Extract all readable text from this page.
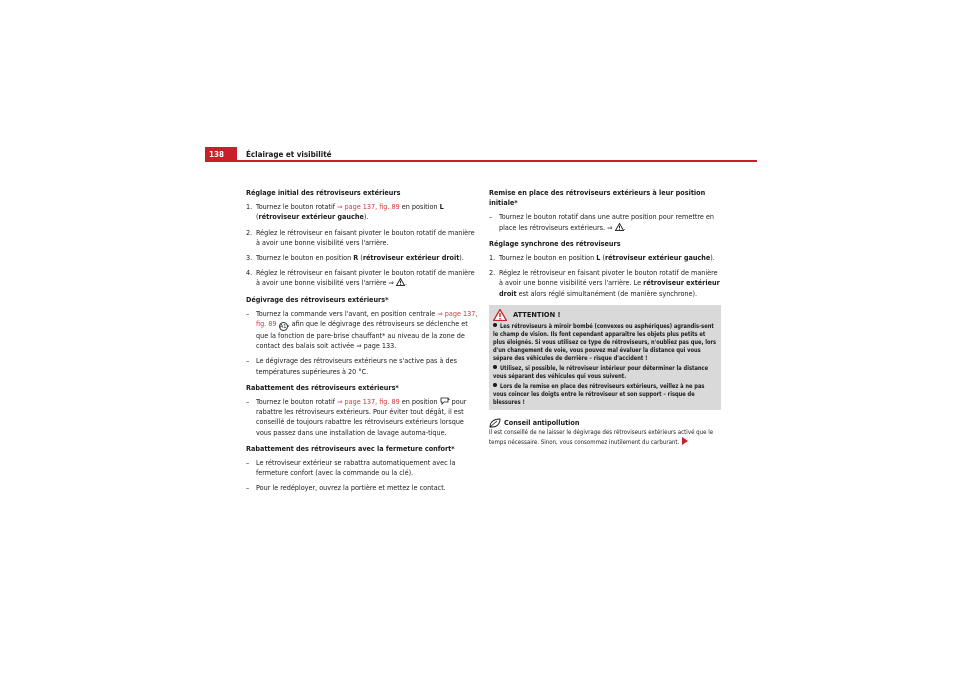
138	Éclairage et visibilité
Réglage initial des rétroviseurs extérieurs
1. Tournez le bouton rotatif ⇒ page 137, fig. 89 en position L
(rétroviseur extérieur gauche).
2. Réglez le rétroviseur en faisant pivoter le bouton rotatif de manière à avoir une bonne visibilité vers l'arrière.
3. Tournez le bouton en position R (rétroviseur extérieur droit).
4. Réglez le rétroviseur en faisant pivoter le bouton rotatif de manière à avoir une bonne visibilité vers l'arrière ⇒ .
Dégivrage des rétroviseurs extérieurs*
– Tournez la commande vers l'avant, en position centrale ⇒ page 137, fig. 89 A1, afin que le dégivrage des rétroviseurs se déclenche et que la fonction de pare-brise chauffant* au niveau de la zone de contact des balais soit activée ⇒ page 133.
– Le dégivrage des rétroviseurs extérieurs ne s'active pas à des températures supérieures à 20 °C.
Rabattement des rétroviseurs extérieurs*
– Tournez le bouton rotatif ⇒ page 137, fig. 89 en position  pour rabattre les rétroviseurs extérieurs. Pour éviter tout dégât, il est conseillé de toujours rabattre les rétroviseurs extérieurs lorsque vous passez dans une installation de lavage automa-tique.
Rabattement des rétroviseurs avec la fermeture confort*
– Le rétroviseur extérieur se rabattra automatiquement avec la fermeture confort (avec la commande ou la clé).
– Pour le redéployer, ouvrez la portière et mettez le contact.
Remise en place des rétroviseurs extérieurs à leur position initiale*
– Tournez le bouton rotatif dans une autre position pour remettre en place les rétroviseurs extérieurs. ⇒ .
Réglage synchrone des rétroviseurs
1. Tournez le bouton en position L (rétroviseur extérieur gauche).
2. Réglez le rétroviseur en faisant pivoter le bouton rotatif de manière à avoir une bonne visibilité vers l'arrière. Le rétroviseur extérieur droit est alors réglé simultanément (de manière synchrone).
ATTENTION !
Les rétroviseurs à miroir bombé (convexes ou asphériques) agrandis-sent le champ de vision. Ils font cependant apparaître les objets plus petits et plus éloignés. Si vous utilisez ce type de rétroviseurs, n'oubliez pas que, lors d'un changement de voie, vous pouvez mal évaluer la distance qui vous sépare des véhicules de derrière – risque d'accident !
Utilisez, si possible, le rétroviseur intérieur pour déterminer la distance vous séparant des véhicules qui vous suivent.
Lors de la remise en place des rétroviseurs extérieurs, veillez à ne pas vous coincer les doigts entre le rétroviseur et son support – risque de blessures !
Conseil antipollution
Il est conseillé de ne laisser le dégivrage des rétroviseurs extérieurs activé que le temps nécessaire. Sinon, vous consommez inutilement du carburant.
